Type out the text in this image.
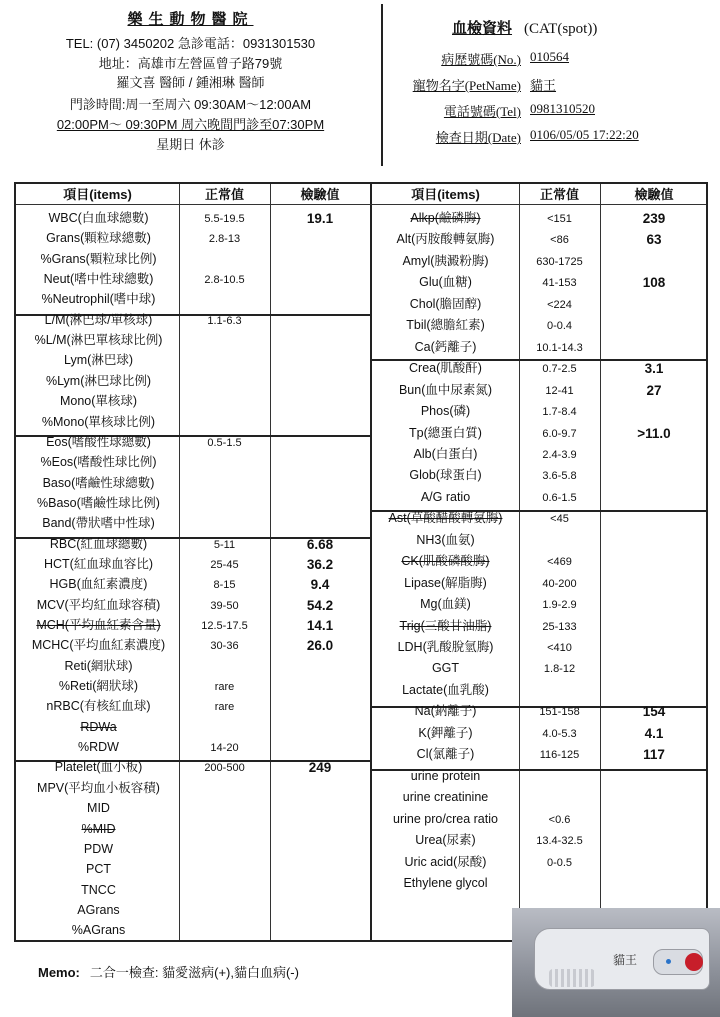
樂生動物醫院
TEL: (07) 3450202 急診電話：0931301530
地址：高雄市左營區曾子路79號
羅文喜 醫師 / 鍾湘琳 醫師
門診時間:周一至周六 09:30AM～12:00AM
02:00PM～ 09:30PM 周六晚間門診至07:30PM
星期日 休診
血檢資料 (CAT(spot))
病歷號碼(No.) 010564
寵物名字(PetName) 貓王
電話號碼(Tel) 0981310520
檢查日期(Date) 0106/05/05 17:22:20
項目(items)	正常值	檢驗值	項目(items)	正常值	檢驗值
WBC(白血球總數)	5.5-19.5	19.1
Grans(顆粒球總數)	2.8-13
%Grans(顆粒球比例)
Neut(嗜中性球總數)	2.8-10.5
%Neutrophil(嗜中球)
L/M(淋巴球/單核球)	1.1-6.3
%L/M(淋巴單核球比例)
Lym(淋巴球)
%Lym(淋巴球比例)
Mono(單核球)
%Mono(單核球比例)
Eos(嗜酸性球總數)	0.5-1.5
%Eos(嗜酸性球比例)
Baso(嗜鹼性球總數)
%Baso(嗜鹼性球比例)
Band(帶狀嗜中性球)
RBC(紅血球總數)	5-11	6.68
HCT(紅血球血容比)	25-45	36.2
HGB(血紅素濃度)	8-15	9.4
MCV(平均紅血球容積)	39-50	54.2
MCH(平均血紅素含量)	12.5-17.5	14.1
MCHC(平均血紅素濃度)	30-36	26.0
Reti(網狀球)
%Reti(網狀球)	rare
nRBC(有核紅血球)	rare
RDWa
%RDW	14-20
Platelet(血小板)	200-500	249
MPV(平均血小板容積)
MID
%MID
PDW
PCT
TNCC
AGrans
%AGrans
Alkp(鹼磷脢)	<151	239
Alt(丙胺酸轉氨脢)	<86	63
Amyl(胰澱粉脢)	630-1725
Glu(血糖)	41-153	108
Chol(膽固醇)	<224
Tbil(總膽紅素)	0-0.4
Ca(鈣離子)	10.1-14.3
Crea(肌酸酐)	0.7-2.5	3.1
Bun(血中尿素氮)	12-41	27
Phos(磷)	1.7-8.4
Tp(總蛋白質)	6.0-9.7	>11.0
Alb(白蛋白)	2.4-3.9
Glob(球蛋白)	3.6-5.8
A/G ratio	0.6-1.5
Ast(草酸醋酸轉氨脢)	<45
NH3(血氨)
CK(肌酸磷酸脢)	<469
Lipase(解脂脢)	40-200
Mg(血鎂)	1.9-2.9
Trig(三酸甘油脂)	25-133
LDH(乳酸脫氫脢)	<410
GGT	1.8-12
Lactate(血乳酸)
Na(鈉離子)	151-158	154
K(鉀離子)	4.0-5.3	4.1
Cl(氯離子)	116-125	117
urine protein
urine creatinine
urine pro/crea ratio	<0.6
Urea(尿素)	13.4-32.5
Uric acid(尿酸)	0-0.5
Ethylene glycol
Memo: 二合一檢查: 貓愛滋病(+),貓白血病(-)
貓王
